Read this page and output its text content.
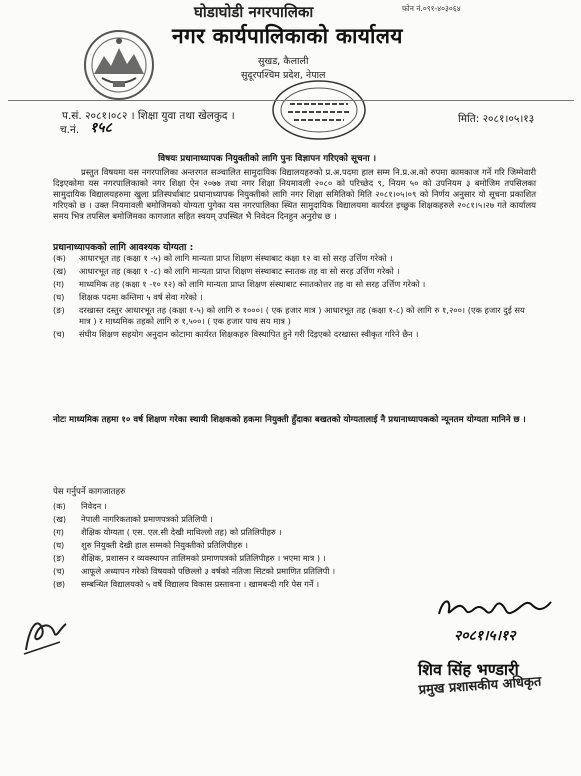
फोन नं.०९१-४०३०६४
घोडाघोडी नगरपालिका
नगर कार्यपालिकाको कार्यालय
सुखड, कैलाली
सुदूरपश्चिम प्रदेश, नेपाल
प.सं. २०८१।०८२ । शिक्षा युवा तथा खेलकुद ।
च.नं. १५८
मिति: २०८१।०५।१३
विषयः प्रधानाध्यापक नियुक्तीको लागि पुनः विज्ञापन गरिएको सूचना ।

प्रस्तुत विषयमा यस नगरपालिका अन्तरगत सञ्चालित सामुदायिक विद्यालयहरुको प्र.अ.पदमा हाल सम्म नि.प्र.अ.को रुपमा कामकाज गर्ने गरि जिम्मेवारी दिइएकोमा यस नगरपालिकाको नगर शिक्षा ऐन २०७७ तथा नगर शिक्षा नियमावली २०८० को परिच्छेद ९, नियम ५० को उपनियम ३ बमोजिम तपसिलका सामुदायिक विद्यालयहरुमा खुला प्रतिस्पर्धाबाट प्रधानाध्यापक नियुक्तीको लागि नगर शिक्षा समितिको मिति २०८१।०५।०९ को निर्णय अनुसार यो सूचना प्रकाशित गरिएको छ । उक्त नियमावली बमोजिमको योग्यता पुगेका यस नगरपालिका स्थित सामुदायिक विद्यालयमा कार्यरत इच्छुक शिक्षकहरुले २०८१।५।२७ गते कार्यालय समय भित्र तपसिल बमोजिमका कागजात सहित स्वयम् उपस्थित भै निवेदन दिनहुन अनुरोध छ ।

प्रधानाध्यापकको लागि आवश्यक योग्यता :
(क)	आधारभूत तह (कक्षा १ -५) को लागि मान्यता प्राप्त शिक्षण संस्थाबाट कक्षा १२ वा सो सरह उर्त्तिण गरेको ।
(ख)	आधारभूत तह (कक्षा १ -८) को लागि मान्यता प्राप्त शिक्षण संस्थाबाट स्नातक तह वा सो सरह उर्त्तिण गरेको ।
(ग)	माध्यमिक तह (कक्षा १ -१० १२) को लागि मान्यता प्राप्त शिक्षण संस्थाबाट स्नातकोत्तर तह वा सो सरह उर्त्तिण गरेको ।
(घ)	शिक्षक पदमा कम्तिमा ५ वर्ष सेवा गरेको ।
(ङ)	दरखास्त दस्तुर आधारभूत तह (कक्षा १-५) को लागि रु १०००। ( एक हजार मात्र ) आधारभूत तह (कक्षा १-८) को लागि रु १,२००। (एक हजार दुई सय मात्र ) र माध्यमिक तहको लागि रु १,५००। ( एक हजार पाच सय मात्र )
(च)	संघीय शिक्षण सहयोग अनुदान कोटामा कार्यरत शिक्षकहरु विस्थापित हुने गरी दिइएको दरखास्त स्वीकृत गरिने छैन ।
नोटः माध्यमिक तहमा १० वर्ष शिक्षण गरेका स्थायी शिक्षकको हकमा नियुक्ती हुँदाका बखतको योग्यतालाई नै प्रधानाध्यापकको न्यूनतम योग्यता मानिने छ ।
पेस गर्नुपर्ने कागजातहरु
(क)	निवेदन ।
(ख)	नेपाली नागरिकताको प्रमाणपत्रको प्रतिलिपी ।
(ग)	शैक्षिक योग्यता ( एस. एल.सी देखी माथिल्लो तह) को प्रतिलिपीहरु ।
(घ)	शुरु नियुक्ती देखी हाल सम्मको नियुक्तीको प्रतिलिपीहरु ।
(ङ)	शैक्षिक, प्रशासन र व्यवस्थापन तालिमको प्रमाणपत्रको प्रतिलिपीहरु । भएमा मात्र ) ।
(च)	आफूले अध्यापन गरेको विषयको पछिल्लो ३ वर्षको नतिजा सिटको प्रमाणित प्रतिलिपी ।
(छ)	सम्बन्धित विद्यालयको ५ वर्षे विद्यालय विकास प्रस्तावना । खामबन्दी गरि पेस गर्ने ।
२०८१।५।१२
शिव सिंह भण्डारी
प्रमुख प्रशासकीय अधिकृत
